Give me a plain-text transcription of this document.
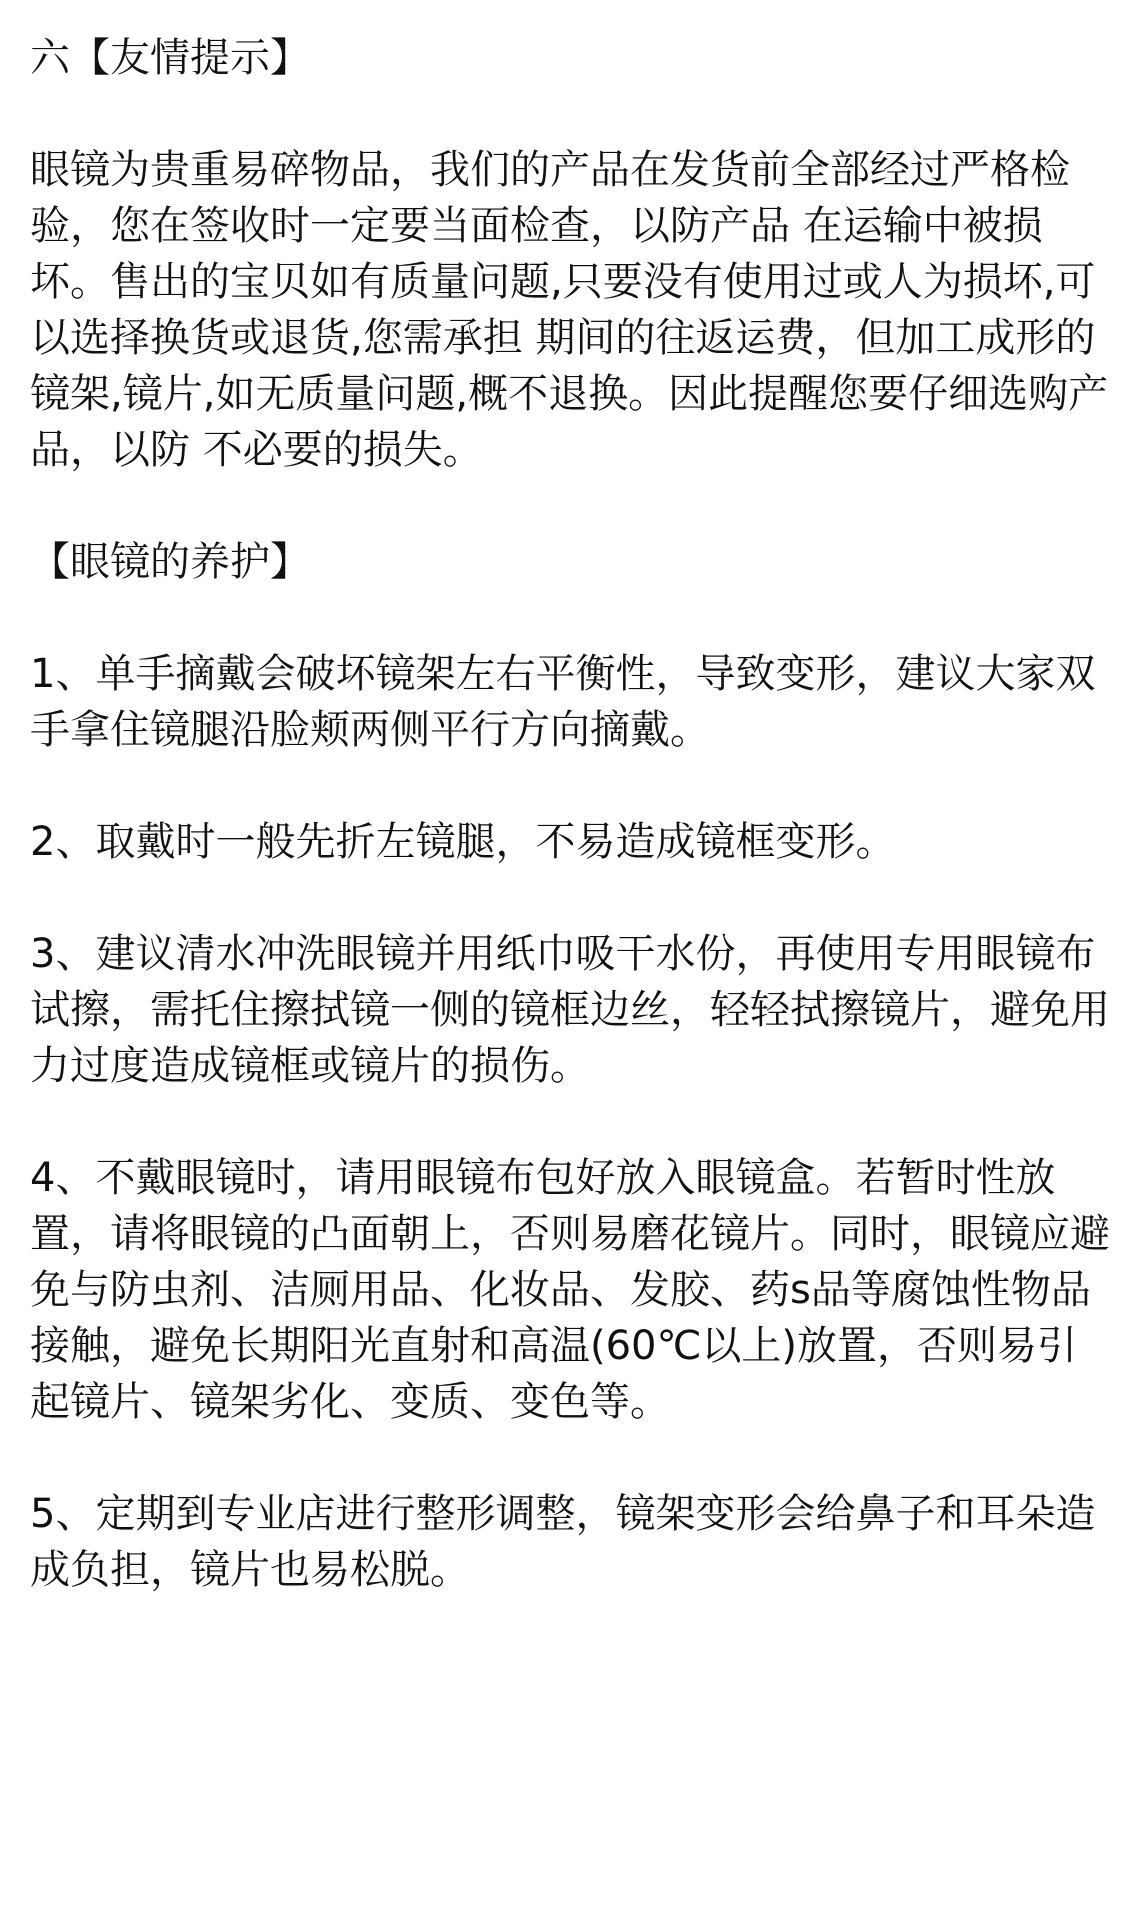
六【友情提示】

眼镜为贵重易碎物品，我们的产品在发货前全部经过严格检验，您在签收时一定要当面检查，以防产品 在运输中被损坏。售出的宝贝如有质量问题,只要没有使用过或人为损坏,可以选择换货或退货,您需承担 期间的往返运费，但加工成形的镜架,镜片,如无质量问题,概不退换。因此提醒您要仔细选购产品，以防 不必要的损失。

【眼镜的养护】

1、单手摘戴会破坏镜架左右平衡性，导致变形，建议大家双手拿住镜腿沿脸颊两侧平行方向摘戴。

2、取戴时一般先折左镜腿，不易造成镜框变形。

3、建议清水冲洗眼镜并用纸巾吸干水份，再使用专用眼镜布试擦，需托住擦拭镜一侧的镜框边丝，轻轻拭擦镜片，避免用力过度造成镜框或镜片的损伤。

4、不戴眼镜时，请用眼镜布包好放入眼镜盒。若暂时性放置，请将眼镜的凸面朝上，否则易磨花镜片。同时，眼镜应避免与防虫剂、洁厕用品、化妆品、发胶、药s品等腐蚀性物品接触，避免长期阳光直射和高温(60℃以上)放置，否则易引起镜片、镜架劣化、变质、变色等。

5、定期到专业店进行整形调整，镜架变形会给鼻子和耳朵造成负担，镜片也易松脱。
